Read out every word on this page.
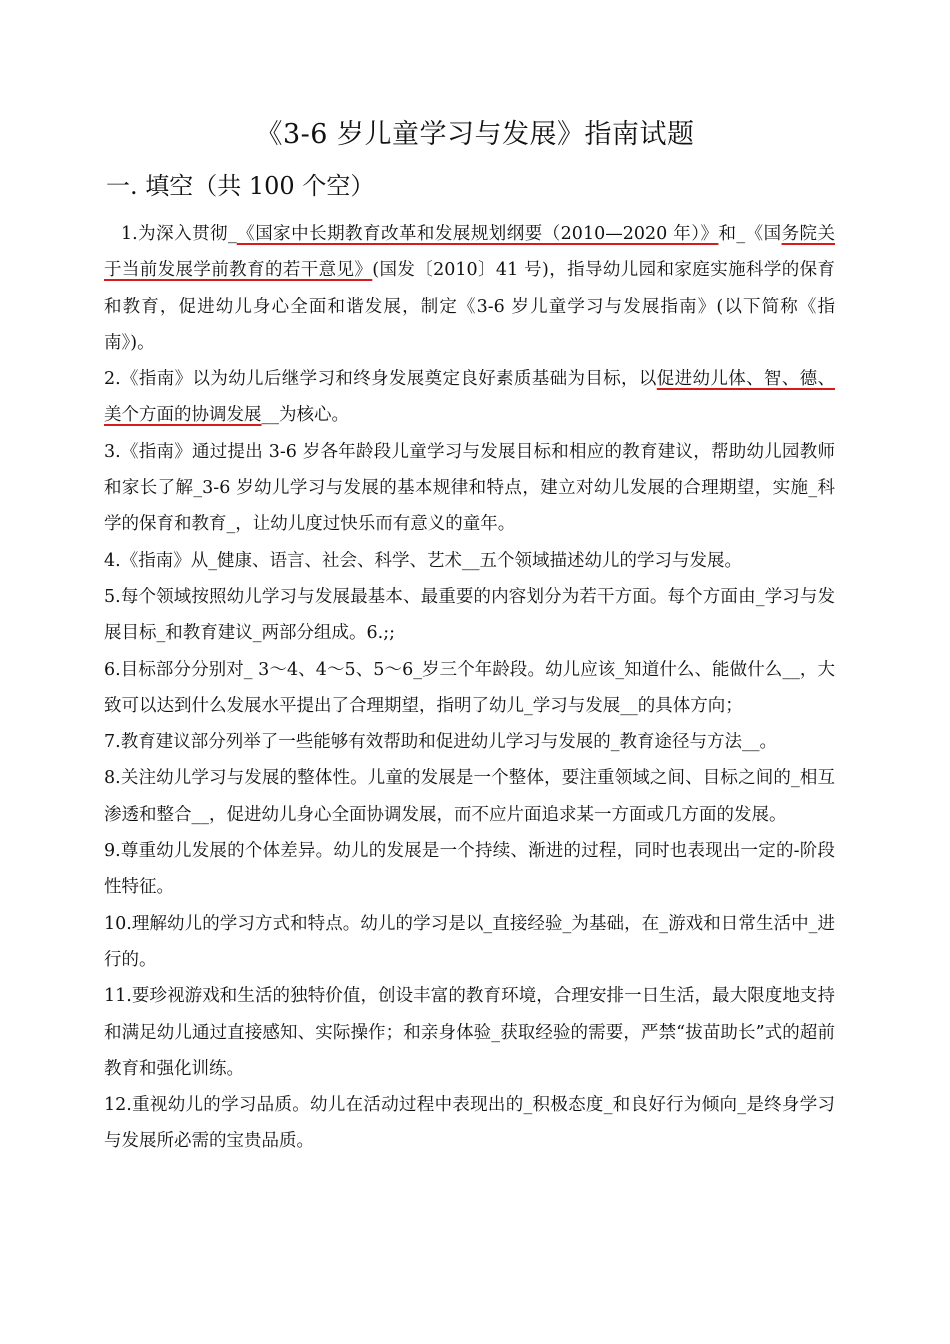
《3-6 岁儿童学习与发展》指南试题
一. 填空（共 100 个空）

1.为深入贯彻_《国家中长期教育改革和发展规划纲要（2010—2020 年）》和_《国务院关于当前发展学前教育的若干意见》(国发〔2010〕41 号)，指导幼儿园和家庭实施科学的保育和教育，促进幼儿身心全面和谐发展，制定《3-6 岁儿童学习与发展指南》(以下简称《指南》)。

2.《指南》以为幼儿后继学习和终身发展奠定良好素质基础为目标，以促进幼儿体、智、德、美个方面的协调发展__为核心。

3.《指南》通过提出 3-6 岁各年龄段儿童学习与发展目标和相应的教育建议，帮助幼儿园教师和家长了解_3-6 岁幼儿学习与发展的基本规律和特点，建立对幼儿发展的合理期望，实施_科学的保育和教育_，让幼儿度过快乐而有意义的童年。

4.《指南》从_健康、语言、社会、科学、艺术__五个领域描述幼儿的学习与发展。

5.每个领域按照幼儿学习与发展最基本、最重要的内容划分为若干方面。每个方面由_学习与发展目标_和教育建议_两部分组成。6.;;

6.目标部分分别对_ 3～4、4～5、5～6_岁三个年龄段。幼儿应该_知道什么、能做什么__，大致可以达到什么发展水平提出了合理期望，指明了幼儿_学习与发展__的具体方向；

7.教育建议部分列举了一些能够有效帮助和促进幼儿学习与发展的_教育途径与方法__。

8.关注幼儿学习与发展的整体性。儿童的发展是一个整体，要注重领域之间、目标之间的_相互渗透和整合__，促进幼儿身心全面协调发展，而不应片面追求某一方面或几方面的发展。

9.尊重幼儿发展的个体差异。幼儿的发展是一个持续、渐进的过程，同时也表现出一定的-阶段性特征。

10.理解幼儿的学习方式和特点。幼儿的学习是以_直接经验_为基础，在_游戏和日常生活中_进行的。

11.要珍视游戏和生活的独特价值，创设丰富的教育环境，合理安排一日生活，最大限度地支持和满足幼儿通过直接感知、实际操作；和亲身体验_获取经验的需要，严禁“拔苗助长”式的超前教育和强化训练。

12.重视幼儿的学习品质。幼儿在活动过程中表现出的_积极态度_和良好行为倾向_是终身学习与发展所必需的宝贵品质。
